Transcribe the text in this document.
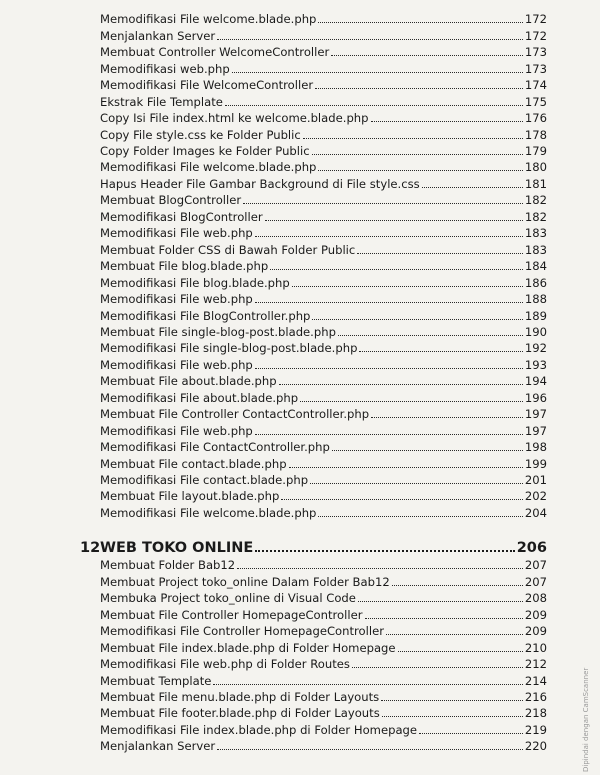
Memodifikasi File welcome.blade.php	172
Menjalankan Server	172
Membuat Controller WelcomeController	173
Memodifikasi web.php	173
Memodifikasi File WelcomeController	174
Ekstrak File Template	175
Copy Isi File index.html ke welcome.blade.php	176
Copy File style.css ke Folder Public	178
Copy Folder Images ke Folder Public	179
Memodifikasi File welcome.blade.php	180
Hapus Header File Gambar Background di File style.css	181
Membuat BlogController	182
Memodifikasi BlogController	182
Memodifikasi File web.php	183
Membuat Folder CSS di Bawah Folder Public	183
Membuat File blog.blade.php	184
Memodifikasi File blog.blade.php	186
Memodifikasi File web.php	188
Memodifikasi File BlogController.php	189
Membuat File single-blog-post.blade.php	190
Memodifikasi File single-blog-post.blade.php	192
Memodifikasi File web.php	193
Membuat File about.blade.php	194
Memodifikasi File about.blade.php	196
Membuat File Controller ContactController.php	197
Memodifikasi File web.php	197
Memodifikasi File ContactController.php	198
Membuat File contact.blade.php	199
Memodifikasi File contact.blade.php	201
Membuat File layout.blade.php	202
Memodifikasi File welcome.blade.php	204
12 WEB TOKO ONLINE	206
Membuat Folder Bab12	207
Membuat Project toko_online Dalam Folder Bab12	207
Membuka Project toko_online di Visual Code	208
Membuat File Controller HomepageController	209
Memodifikasi File Controller HomepageController	209
Membuat File index.blade.php di Folder Homepage	210
Memodifikasi File web.php di Folder Routes	212
Membuat Template	214
Membuat File menu.blade.php di Folder Layouts	216
Membuat File footer.blade.php di Folder Layouts	218
Memodifikasi File index.blade.php di Folder Homepage	219
Menjalankan Server	220	Dipindai dengan CamScanner
